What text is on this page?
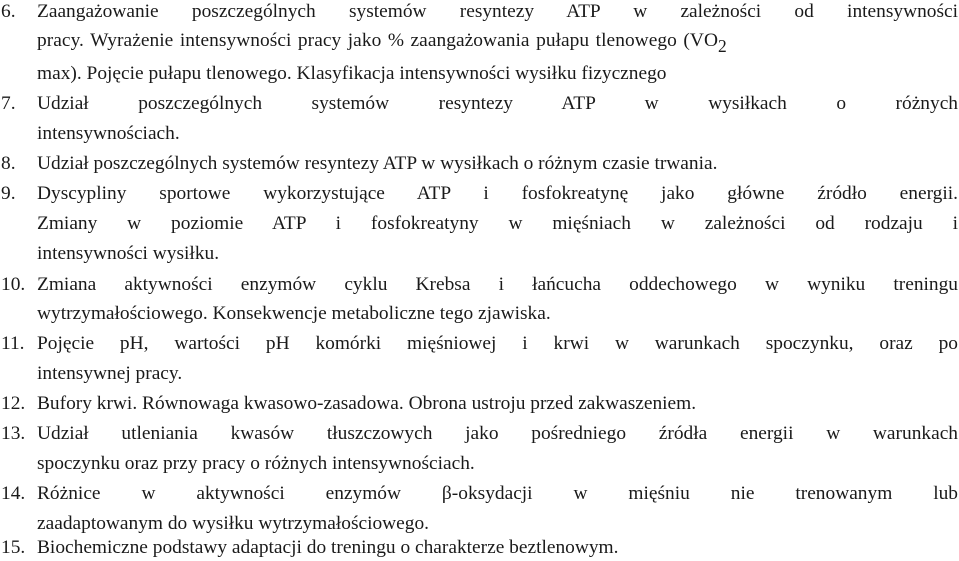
6. Zaangażowanie poszczególnych systemów resyntezy ATP w zależności od intensywności
pracy. Wyrażenie intensywności pracy jako % zaangażowania pułapu tlenowego ($VO_2$
max). Pojęcie pułapu tlenowego. Klasyfikacja intensywności wysiłku fizycznego
7. Udział poszczególnych systemów resyntezy ATP w wysiłkach o różnych
intensywnościach.
8. Udział poszczególnych systemów resyntezy ATP w wysiłkach o różnym czasie trwania.
9. Dyscypliny sportowe wykorzystujące ATP i fosfokreatynę jako główne źródło energii.
Zmiany w poziomie ATP i fosfokreatyny w mięśniach w zależności od rodzaju i
intensywności wysiłku.
10. Zmiana aktywności enzymów cyklu Krebsa i łańcucha oddechowego w wyniku treningu
wytrzymałościowego. Konsekwencje metaboliczne tego zjawiska.
11. Pojęcie pH, wartości pH komórki mięśniowej i krwi w warunkach spoczynku, oraz po
intensywnej pracy.
12. Bufory krwi. Równowaga kwasowo-zasadowa. Obrona ustroju przed zakwaszeniem.
13. Udział utleniania kwasów tłuszczowych jako pośredniego źródła energii w warunkach
spoczynku oraz przy pracy o różnych intensywnościach.
14. Różnice w aktywności enzymów β-oksydacji w mięśniu nie trenowanym lub
zaadaptowanym do wysiłku wytrzymałościowego.
15. Biochemiczne podstawy adaptacji do treningu o charakterze beztlenowym.
